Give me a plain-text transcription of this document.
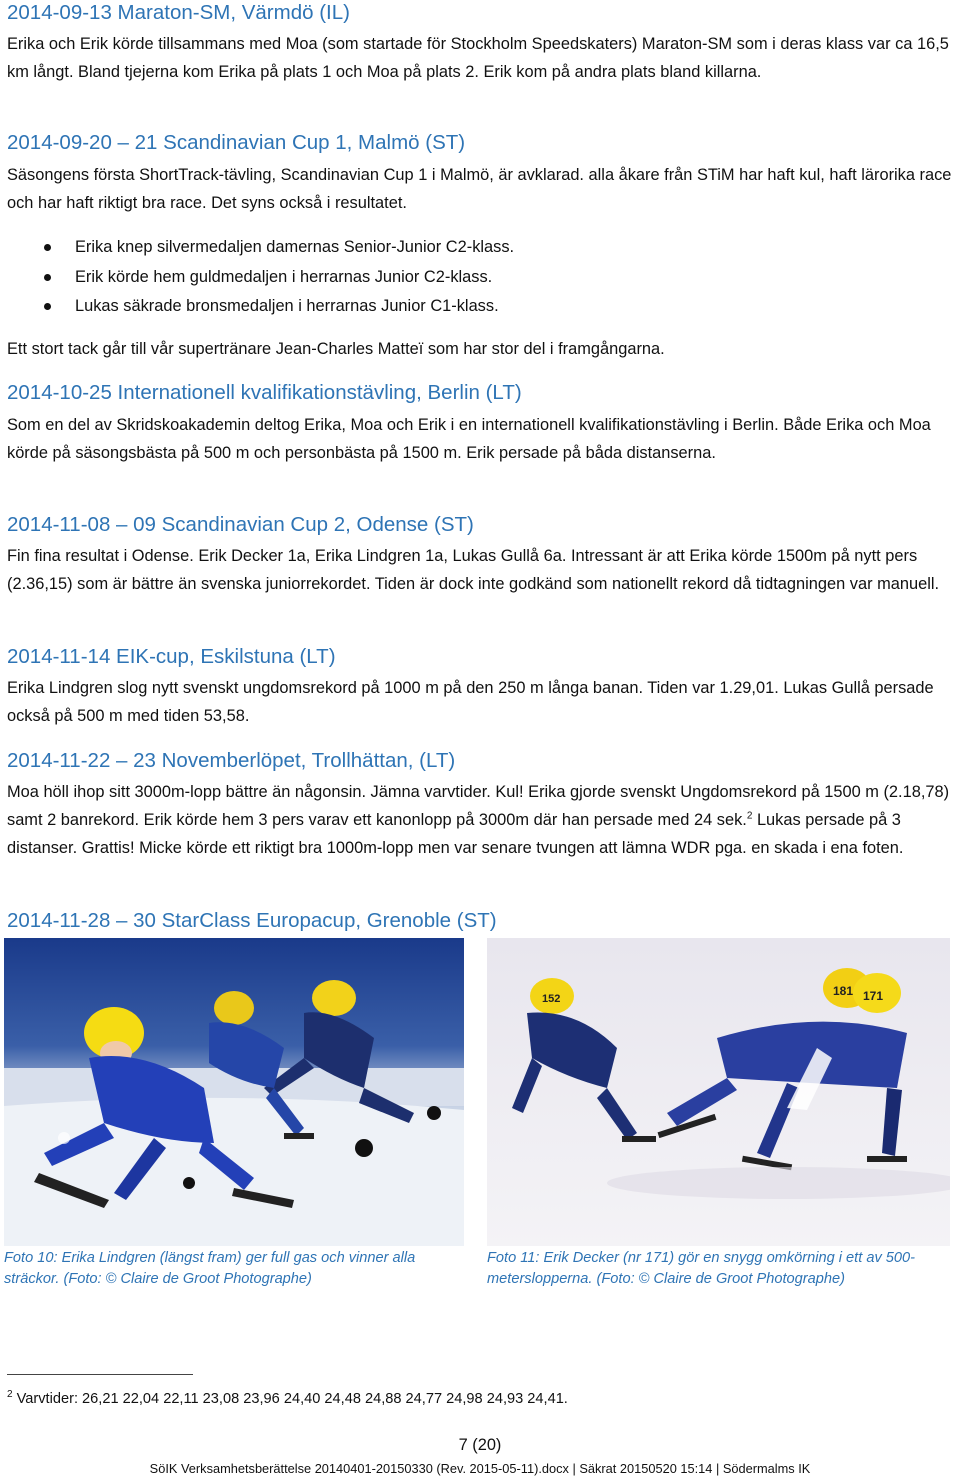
2014-09-13 Maraton-SM, Värmdö (IL)

Erika och Erik körde tillsammans med Moa (som startade för Stockholm Speedskaters) Maraton-SM som i deras klass var ca 16,5 km långt. Bland tjejerna kom Erika på plats 1 och Moa på plats 2. Erik kom på andra plats bland killarna.

2014-09-20 – 21 Scandinavian Cup 1, Malmö (ST)

Säsongens första ShortTrack-tävling, Scandinavian Cup 1 i Malmö, är avklarad. alla åkare från STiM har haft kul, haft lärorika race och har haft riktigt bra race. Det syns också i resultatet.

Erika knep silvermedaljen damernas Senior-Junior C2-klass.
Erik körde hem guldmedaljen i herrarnas Junior C2-klass.
Lukas säkrade bronsmedaljen i herrarnas Junior C1-klass.

Ett stort tack går till vår supertränare Jean-Charles Matteï som har stor del i framgångarna.

2014-10-25 Internationell kvalifikationstävling, Berlin (LT)

Som en del av Skridskoakademin deltog Erika, Moa och Erik i en internationell kvalifikationstävling i Berlin. Både Erika och Moa körde på säsongsbästa på 500 m och personbästa på 1500 m. Erik persade på båda distanserna.

2014-11-08 – 09 Scandinavian Cup 2, Odense (ST)

Fin fina resultat i Odense. Erik Decker 1a, Erika Lindgren 1a, Lukas Gullå 6a. Intressant är att Erika körde 1500m på nytt pers (2.36,15) som är bättre än svenska juniorrekordet. Tiden är dock inte godkänd som nationellt rekord då tidtagningen var manuell.

2014-11-14 EIK-cup, Eskilstuna (LT)

Erika Lindgren slog nytt svenskt ungdomsrekord på 1000 m på den 250 m långa banan. Tiden var 1.29,01. Lukas Gullå persade också på 500 m med tiden 53,58.

2014-11-22 – 23 Novemberlöpet, Trollhättan, (LT)

Moa höll ihop sitt 3000m-lopp bättre än någonsin. Jämna varvtider. Kul! Erika gjorde svenskt Ungdomsrekord på 1500 m (2.18,78) samt 2 banrekord. Erik körde hem 3 pers varav ett kanonlopp på 3000m där han persade med 24 sek.$^2$ Lukas persade på 3 distanser. Grattis! Micke körde ett riktigt bra 1000m-lopp men var senare tvungen att lämna WDR pga. en skada i ena foten.

2014-11-28 – 30 StarClass Europacup, Grenoble (ST)
Foto 10: Erika Lindgren (längst fram) ger full gas och vinner alla sträckor. (Foto: © Claire de Groot Photographe)
152
181 171
Foto 11: Erik Decker (nr 171) gör en snygg omkörning i ett av 500-meterslopperna. (Foto: © Claire de Groot Photographe)
$^2$ Varvtider: 26,21 22,04 22,11 23,08 23,96 24,40 24,48 24,88 24,77 24,98 24,93 24,41.
7 (20)
SöIK Verksamhetsberättelse 20140401-20150330 (Rev. 2015-05-11).docx | Säkrat 20150520 15:14 | Södermalms IK
